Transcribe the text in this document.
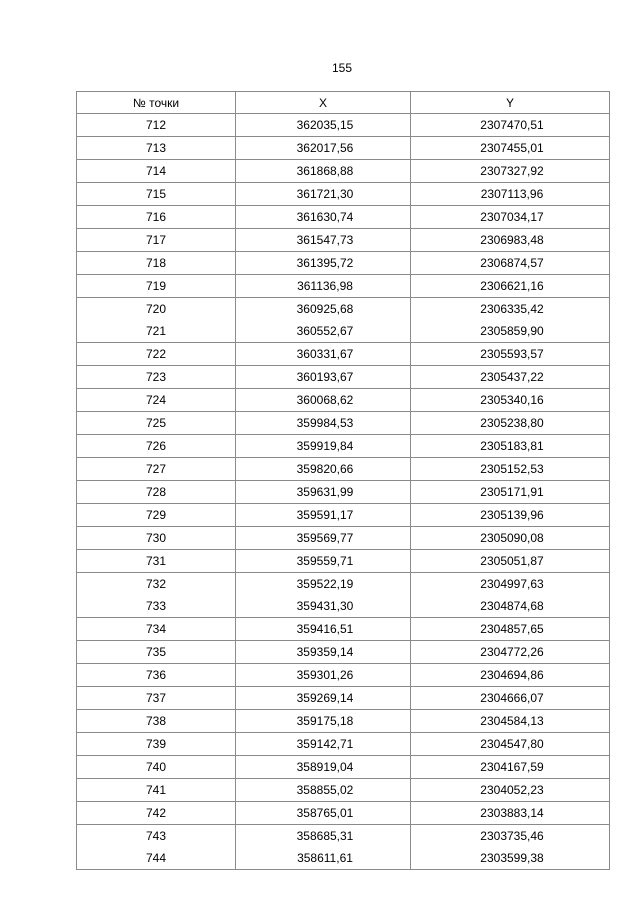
155
№ точки	X	Y
712	362035,15	2307470,51
713	362017,56	2307455,01
714	361868,88	2307327,92
715	361721,30	2307113,96
716	361630,74	2307034,17
717	361547,73	2306983,48
718	361395,72	2306874,57
719	361136,98	2306621,16
720	360925,68	2306335,42
721	360552,67	2305859,90
722	360331,67	2305593,57
723	360193,67	2305437,22
724	360068,62	2305340,16
725	359984,53	2305238,80
726	359919,84	2305183,81
727	359820,66	2305152,53
728	359631,99	2305171,91
729	359591,17	2305139,96
730	359569,77	2305090,08
731	359559,71	2305051,87
732	359522,19	2304997,63
733	359431,30	2304874,68
734	359416,51	2304857,65
735	359359,14	2304772,26
736	359301,26	2304694,86
737	359269,14	2304666,07
738	359175,18	2304584,13
739	359142,71	2304547,80
740	358919,04	2304167,59
741	358855,02	2304052,23
742	358765,01	2303883,14
743	358685,31	2303735,46
744	358611,61	2303599,38
